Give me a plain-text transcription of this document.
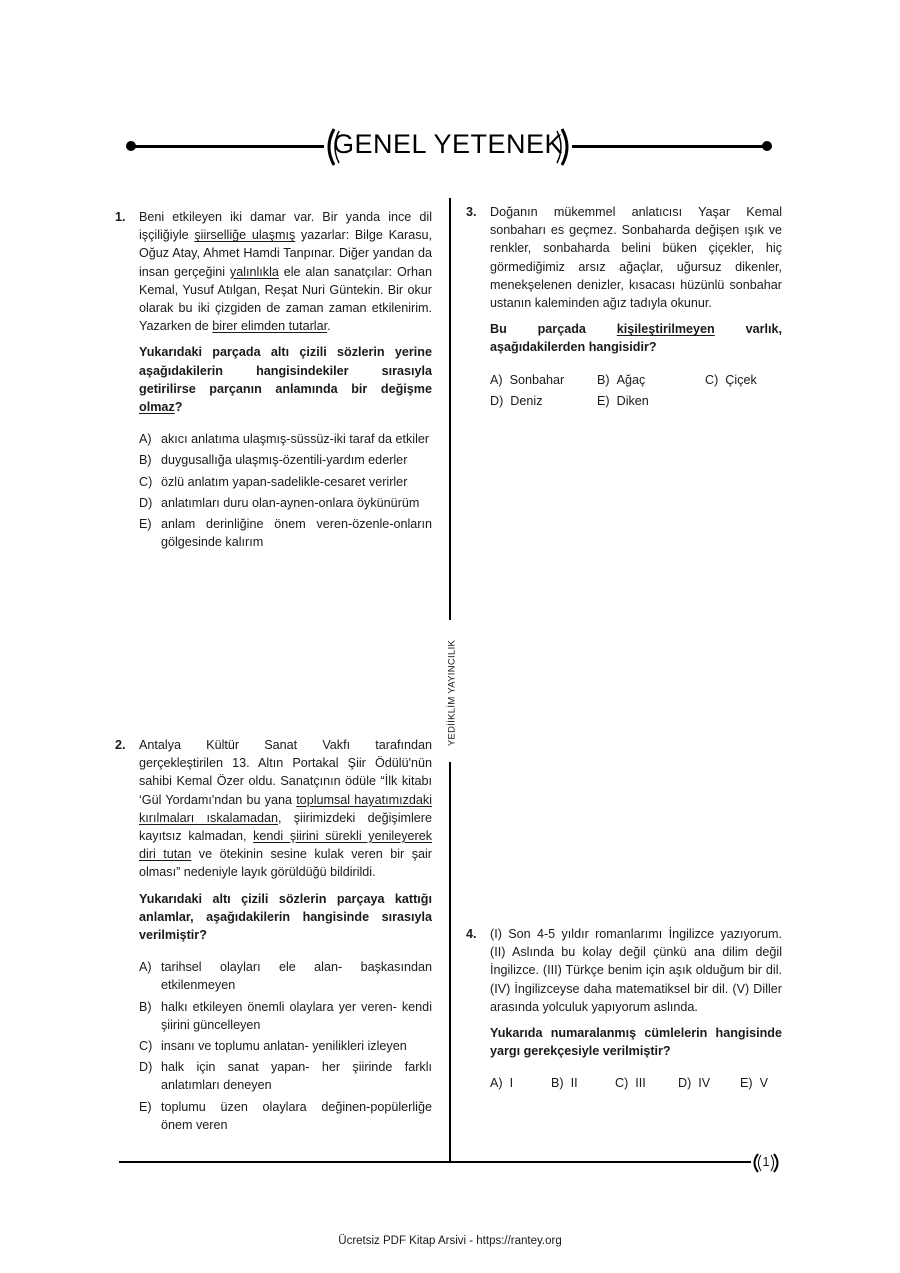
GENEL YETENEK
YEDİİKLİM YAYINCILIK
1. Beni etkileyen iki damar var. Bir yanda ince dil işçiliğiyle şiirselliğe ulaşmış yazarlar: Bilge Karasu, Oğuz Atay, Ahmet Hamdi Tanpınar. Diğer yandan da insan gerçeğini yalınlıkla ele alan sanatçılar: Orhan Kemal, Yusuf Atılgan, Reşat Nuri Güntekin. Bir okur olarak bu iki çizgiden de zaman zaman etkilenirim. Yazarken de birer elimden tutarlar.

Yukarıdaki parçada altı çizili sözlerin yerine aşağıdakilerin hangisindekiler sırasıyla getirilirse parçanın anlamında bir değişme olmaz?
A) akıcı anlatıma ulaşmış-süssüz-iki taraf da etkiler
B) duygusallığa ulaşmış-özentili-yardım ederler
C) özlü anlatım yapan-sadelikle-cesaret verirler
D) anlatımları duru olan-aynen-onlara öykünürüm
E) anlam derinliğine önem veren-özenle-onların gölgesinde kalırım
2. Antalya Kültür Sanat Vakfı tarafından gerçekleştirilen 13. Altın Portakal Şiir Ödülü'nün sahibi Kemal Özer oldu. Sanatçının ödüle “İlk kitabı ‘Gül Yordamı'ndan bu yana toplumsal hayatımızdaki kırılmaları ıskalamadan, şiirimizdeki değişimlere kayıtsız kalmadan, kendi şiirini sürekli yenileyerek diri tutan ve ötekinin sesine kulak veren bir şair olması” nedeniyle layık görüldüğü bildirildi.

Yukarıdaki altı çizili sözlerin parçaya kattığı anlamlar, aşağıdakilerin hangisinde sırasıyla verilmiştir?
A) tarihsel olayları ele alan- başkasından etkilenmeyen
B) halkı etkileyen önemli olaylara yer veren- kendi şiirini güncelleyen
C) insanı ve toplumu anlatan- yenilikleri izleyen
D) halk için sanat yapan- her şiirinde farklı anlatımları deneyen
E) toplumu üzen olaylara değinen-popülerliğe önem veren
3. Doğanın mükemmel anlatıcısı Yaşar Kemal sonbaharı es geçmez. Sonbaharda değişen ışık ve renkler, sonbaharda belini büken çiçekler, hiç görmediğimiz arsız ağaçlar, uğursuz dikenler, menekşelenen denizler, kısacası hüzünlü sonbahar ustanın kaleminden ağız tadıyla okunur.

Bu parçada kişileştirilmeyen varlık, aşağıdakilerden hangisidir?
A) Sonbahar	B) Ağaç	C) Çiçek
D) Deniz	E) Diken
4. (I) Son 4-5 yıldır romanlarımı İngilizce yazıyorum. (II) Aslında bu kolay değil çünkü ana dilim değil İngilizce. (III) Türkçe benim için aşık olduğum bir dil. (IV) İngilizceyse daha matematiksel bir dil. (V) Diller arasında yolculuk yapıyorum aslında.

Yukarıda numaralanmış cümlelerin hangisinde yargı gerekçesiyle verilmiştir?
A) I	B) II	C) III	D) IV E) V
1
Ücretsiz PDF Kitap Arsivi - https://rantey.org
